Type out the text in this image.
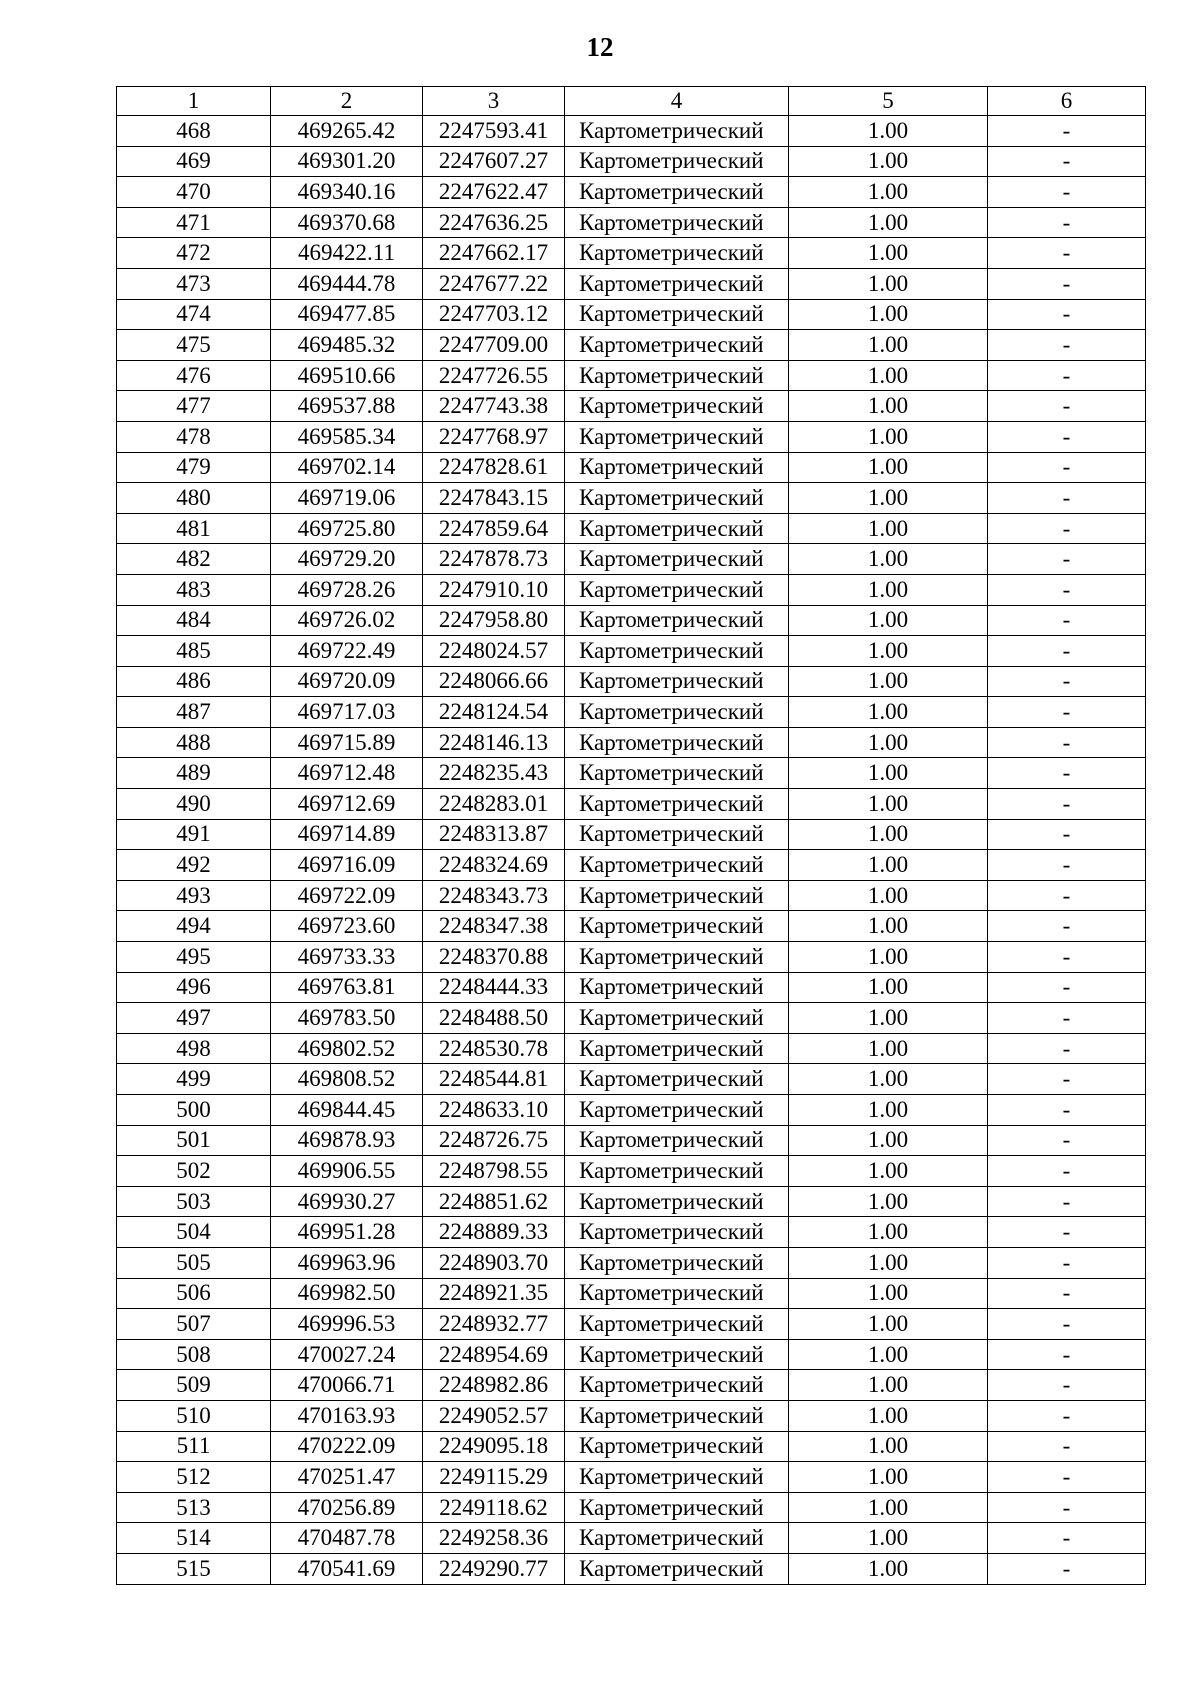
12
1	2	3	4	5	6
468	469265.42	2247593.41	Картометрический	1.00	-
469	469301.20	2247607.27	Картометрический	1.00	-
470	469340.16	2247622.47	Картометрический	1.00	-
471	469370.68	2247636.25	Картометрический	1.00	-
472	469422.11	2247662.17	Картометрический	1.00	-
473	469444.78	2247677.22	Картометрический	1.00	-
474	469477.85	2247703.12	Картометрический	1.00	-
475	469485.32	2247709.00	Картометрический	1.00	-
476	469510.66	2247726.55	Картометрический	1.00	-
477	469537.88	2247743.38	Картометрический	1.00	-
478	469585.34	2247768.97	Картометрический	1.00	-
479	469702.14	2247828.61	Картометрический	1.00	-
480	469719.06	2247843.15	Картометрический	1.00	-
481	469725.80	2247859.64	Картометрический	1.00	-
482	469729.20	2247878.73	Картометрический	1.00	-
483	469728.26	2247910.10	Картометрический	1.00	-
484	469726.02	2247958.80	Картометрический	1.00	-
485	469722.49	2248024.57	Картометрический	1.00	-
486	469720.09	2248066.66	Картометрический	1.00	-
487	469717.03	2248124.54	Картометрический	1.00	-
488	469715.89	2248146.13	Картометрический	1.00	-
489	469712.48	2248235.43	Картометрический	1.00	-
490	469712.69	2248283.01	Картометрический	1.00	-
491	469714.89	2248313.87	Картометрический	1.00	-
492	469716.09	2248324.69	Картометрический	1.00	-
493	469722.09	2248343.73	Картометрический	1.00	-
494	469723.60	2248347.38	Картометрический	1.00	-
495	469733.33	2248370.88	Картометрический	1.00	-
496	469763.81	2248444.33	Картометрический	1.00	-
497	469783.50	2248488.50	Картометрический	1.00	-
498	469802.52	2248530.78	Картометрический	1.00	-
499	469808.52	2248544.81	Картометрический	1.00	-
500	469844.45	2248633.10	Картометрический	1.00	-
501	469878.93	2248726.75	Картометрический	1.00	-
502	469906.55	2248798.55	Картометрический	1.00	-
503	469930.27	2248851.62	Картометрический	1.00	-
504	469951.28	2248889.33	Картометрический	1.00	-
505	469963.96	2248903.70	Картометрический	1.00	-
506	469982.50	2248921.35	Картометрический	1.00	-
507	469996.53	2248932.77	Картометрический	1.00	-
508	470027.24	2248954.69	Картометрический	1.00	-
509	470066.71	2248982.86	Картометрический	1.00	-
510	470163.93	2249052.57	Картометрический	1.00	-
511	470222.09	2249095.18	Картометрический	1.00	-
512	470251.47	2249115.29	Картометрический	1.00	-
513	470256.89	2249118.62	Картометрический	1.00	-
514	470487.78	2249258.36	Картометрический	1.00	-
515	470541.69	2249290.77	Картометрический	1.00	-
